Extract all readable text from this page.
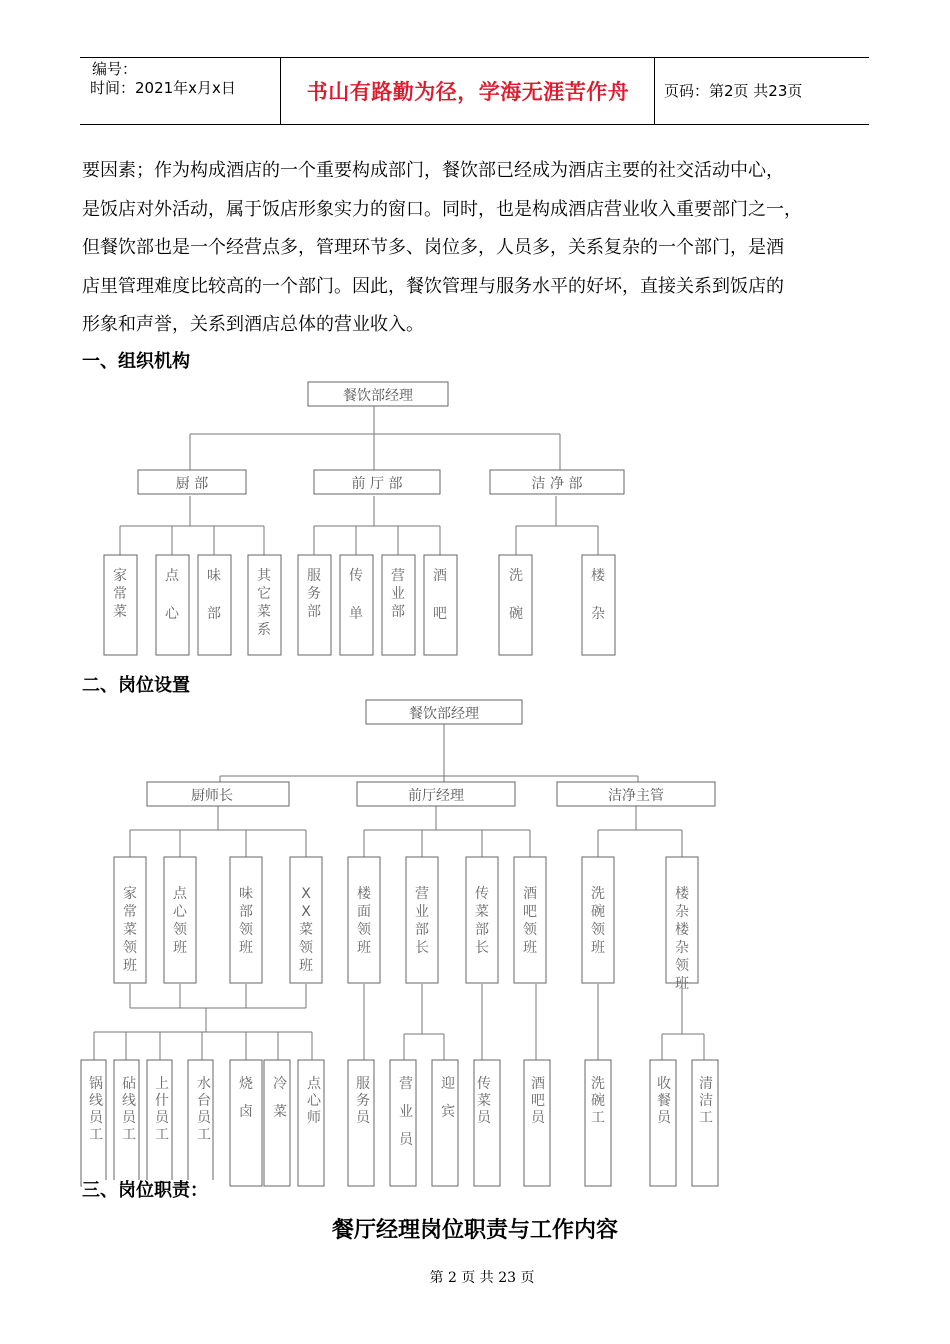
编号：
时间：2021年x月x日	书山有路勤为径，学海无涯苦作舟	页码：第2页 共23页
要因素；作为构成酒店的一个重要构成部门，餐饮部已经成为酒店主要的社交活动中心，
是饭店对外活动，属于饭店形象实力的窗口。同时，也是构成酒店营业收入重要部门之一，
但餐饮部也是一个经营点多，管理环节多、岗位多，人员多，关系复杂的一个部门，是酒
店里管理难度比较高的一个部门。因此，餐饮管理与服务水平的好坏，直接关系到饭店的
形象和声誉，关系到酒店总体的营业收入。
一、组织机构
餐饮部经理
厨 部	前 厅 部	洁 净 部
家常菜
点心
味部
其它菜系
服务部
传单
营业部
酒吧
洗碗
楼杂
二、岗位设置
餐饮部经理
厨师长	前厅经理	洁净主管
家常菜领班
点心领班
味部领班
X X 菜领班
楼面领班
营业部长
传菜部长
酒吧领班
洗碗领班
楼杂楼杂领班
锅线员工
砧线员工
上什员工
水台员工
烧卤
冷菜
点心师
服务员
营业员
迎宾
传菜员
酒吧员
洗碗工
收餐员
清洁工
三、岗位职责：
餐厅经理岗位职责与工作内容
第 2 页 共 23 页
